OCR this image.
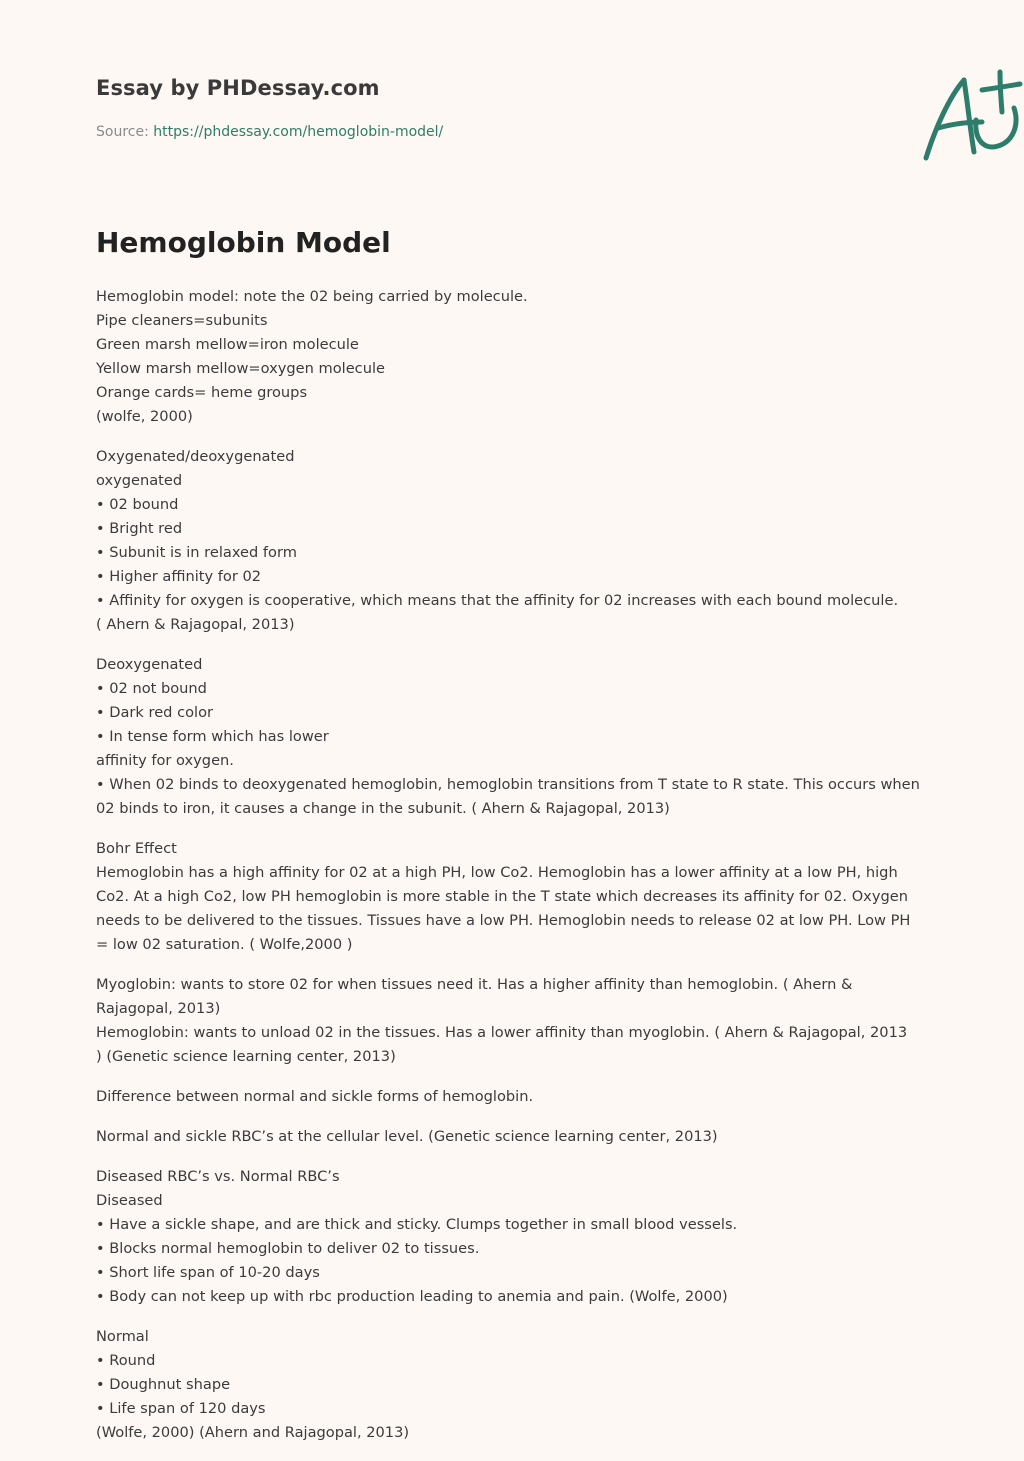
Essay by PHDessay.com
Source: https://phdessay.com/hemoglobin-model/
Hemoglobin Model

Hemoglobin model: note the 02 being carried by molecule.
Pipe cleaners=subunits
Green marsh mellow=iron molecule
Yellow marsh mellow=oxygen molecule
Orange cards= heme groups
(wolfe, 2000)

Oxygenated/deoxygenated
oxygenated
• 02 bound
• Bright red
• Subunit is in relaxed form
• Higher affinity for 02
• Affinity for oxygen is cooperative, which means that the affinity for 02 increases with each bound molecule.
( Ahern & Rajagopal, 2013)

Deoxygenated
• 02 not bound
• Dark red color
• In tense form which has lower
affinity for oxygen.
• When 02 binds to deoxygenated hemoglobin, hemoglobin transitions from T state to R state. This occurs when
02 binds to iron, it causes a change in the subunit. ( Ahern & Rajagopal, 2013)

Bohr Effect
Hemoglobin has a high affinity for 02 at a high PH, low Co2. Hemoglobin has a lower affinity at a low PH, high
Co2. At a high Co2, low PH hemoglobin is more stable in the T state which decreases its affinity for 02. Oxygen
needs to be delivered to the tissues. Tissues have a low PH. Hemoglobin needs to release 02 at low PH. Low PH
= low 02 saturation. ( Wolfe,2000 )

Myoglobin: wants to store 02 for when tissues need it. Has a higher affinity than hemoglobin. ( Ahern &
Rajagopal, 2013)
Hemoglobin: wants to unload 02 in the tissues. Has a lower affinity than myoglobin. ( Ahern & Rajagopal, 2013
) (Genetic science learning center, 2013)

Difference between normal and sickle forms of hemoglobin.

Normal and sickle RBC’s at the cellular level. (Genetic science learning center, 2013)

Diseased RBC’s vs. Normal RBC’s
Diseased
• Have a sickle shape, and are thick and sticky. Clumps together in small blood vessels.
• Blocks normal hemoglobin to deliver 02 to tissues.
• Short life span of 10-20 days
• Body can not keep up with rbc production leading to anemia and pain. (Wolfe, 2000)

Normal
• Round
• Doughnut shape
• Life span of 120 days
(Wolfe, 2000) (Ahern and Rajagopal, 2013)
